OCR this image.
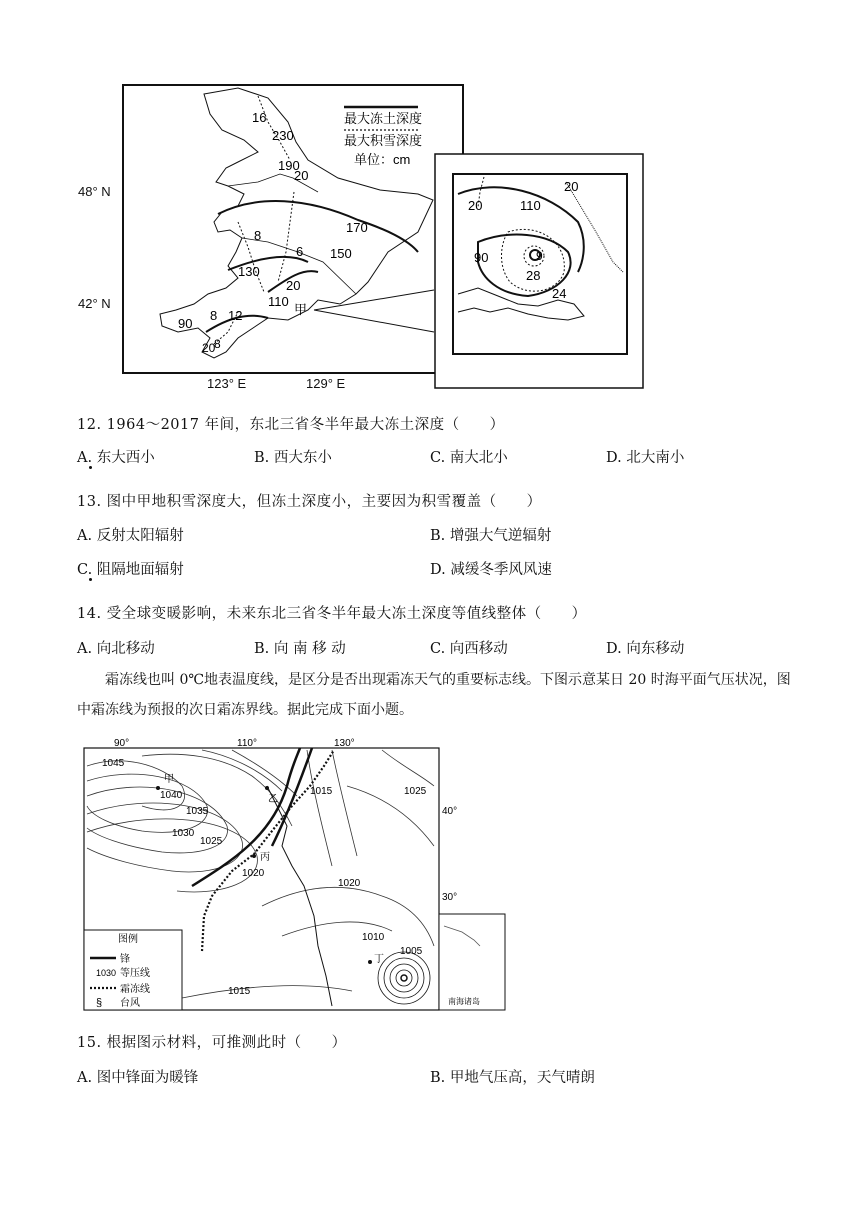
最大冻土深度
最大积雪深度
单位：cm
16
230
190
20
8
170
150
6
130
20
110
甲
8 12
90
20
8
20
20
110
90	9
28
24
48° N
42° N
123° E	129° E
12. 1964～2017 年间，东北三省冬半年最大冻土深度（　　）
A. 东大西小	B. 西大东小	C. 南大北小	D. 北大南小
13. 图中甲地积雪深度大，但冻土深度小，主要因为积雪覆盖（　　）
A. 反射太阳辐射	B. 增强大气逆辐射
C. 阻隔地面辐射	D. 减缓冬季风风速
14. 受全球变暖影响，未来东北三省冬半年最大冻土深度等值线整体（　　）
A. 向北移动	B. 向 南 移 动	C. 向西移动	D. 向东移动
霜冻线也叫 0℃地表温度线，是区分是否出现霜冻天气的重要标志线。下图示意某日 20 时海平面气压状况，图中霜冻线为预报的次日霜冻界线。据此完成下面小题。
90°	110°	130°
40°
30°
1045
1040
1035
1030
1025
1020
1015	1025
1020
1010
1005
1015
甲
乙
丙
丁
图例
锋
1030 等压线
霜冻线
§ 台风	南海诸岛
15. 根据图示材料，可推测此时（　　）
A. 图中锋面为暖锋	B. 甲地气压高，天气晴朗
